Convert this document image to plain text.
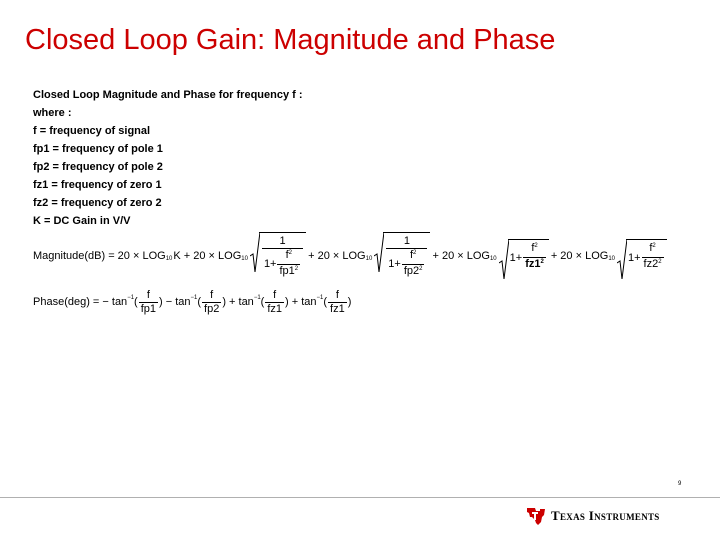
Closed Loop Gain: Magnitude and Phase
Closed Loop Magnitude and Phase for frequency f :
where :
f = frequency of signal
fp1 = frequency of pole 1
fp2 = frequency of pole 2
fz1 = frequency of zero 1
fz2 = frequency of zero 2
K = DC Gain in V/V
Magnitude(dB) = 20 × LOG 10 K + 20 × LOG $10 \frac{1}{1+ \frac{f^2}{fp1^2}} + 20$ × LOG $10 \frac{1}{1+ \frac{f^2}{fp2^2}} + 20$ × LOG 10 $1+ \frac{f^2}{fz1^2} + 20$ × LOG 10 $1+ \frac{f^2}{fz2^2}$
Phase(deg) = − tan −1 ( $\frac{f}{fp1}$ ) − tan −1 ( $\frac{f}{fp2}$ ) + tan −1 ( $\frac{f}{fz1}$ ) + tan −1 ( $\frac{f}{fz1}$ )
9
Texas Instruments
